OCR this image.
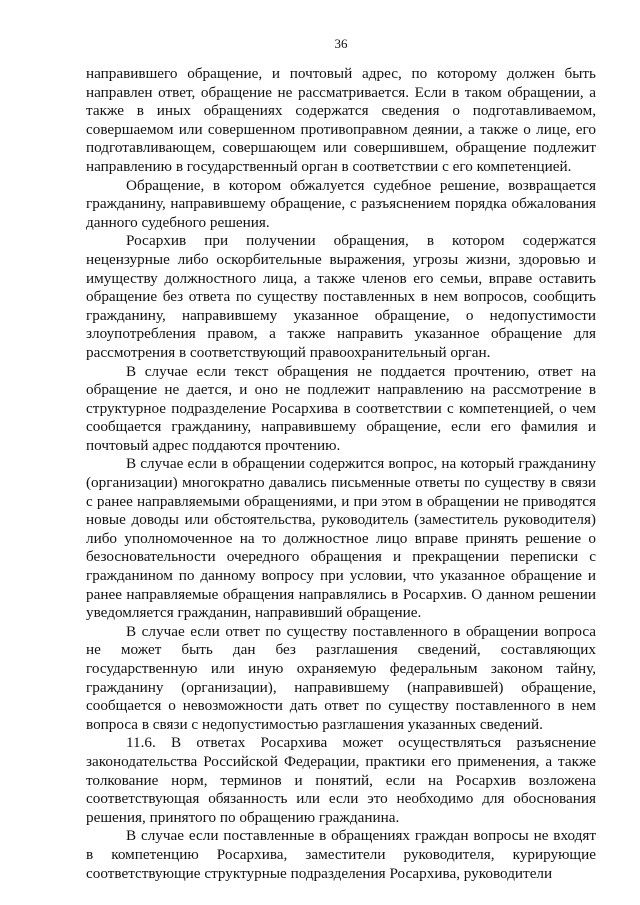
36

направившего обращение, и почтовый адрес, по которому должен быть направлен ответ, обращение не рассматривается. Если в таком обращении, а также в иных обращениях содержатся сведения о подготавливаемом, совершаемом или совершенном противоправном деянии, а также о лице, его подготавливающем, совершающем или совершившем, обращение подлежит направлению в государственный орган в соответствии с его компетенцией.

Обращение, в котором обжалуется судебное решение, возвращается гражданину, направившему обращение, с разъяснением порядка обжалования данного судебного решения.

Росархив при получении обращения, в котором содержатся нецензурные либо оскорбительные выражения, угрозы жизни, здоровью и имуществу должностного лица, а также членов его семьи, вправе оставить обращение без ответа по существу поставленных в нем вопросов, сообщить гражданину, направившему указанное обращение, о недопустимости злоупотребления правом, а также направить указанное обращение для рассмотрения в соответствующий правоохранительный орган.

В случае если текст обращения не поддается прочтению, ответ на обращение не дается, и оно не подлежит направлению на рассмотрение в структурное подразделение Росархива в соответствии с компетенцией, о чем сообщается гражданину, направившему обращение, если его фамилия и почтовый адрес поддаются прочтению.

В случае если в обращении содержится вопрос, на который гражданину (организации) многократно давались письменные ответы по существу в связи с ранее направляемыми обращениями, и при этом в обращении не приводятся новые доводы или обстоятельства, руководитель (заместитель руководителя) либо уполномоченное на то должностное лицо вправе принять решение о безосновательности очередного обращения и прекращении переписки с гражданином по данному вопросу при условии, что указанное обращение и ранее направляемые обращения направлялись в Росархив. О данном решении уведомляется гражданин, направивший обращение.

В случае если ответ по существу поставленного в обращении вопроса не может быть дан без разглашения сведений, составляющих государственную или иную охраняемую федеральным законом тайну, гражданину (организации), направившему (направившей) обращение, сообщается о невозможности дать ответ по существу поставленного в нем вопроса в связи с недопустимостью разглашения указанных сведений.

11.6. В ответах Росархива может осуществляться разъяснение законодательства Российской Федерации, практики его применения, а также толкование норм, терминов и понятий, если на Росархив возложена соответствующая обязанность или если это необходимо для обоснования решения, принятого по обращению гражданина.

В случае если поставленные в обращениях граждан вопросы не входят в компетенцию Росархива, заместители руководителя, курирующие соответствующие структурные подразделения Росархива, руководители
